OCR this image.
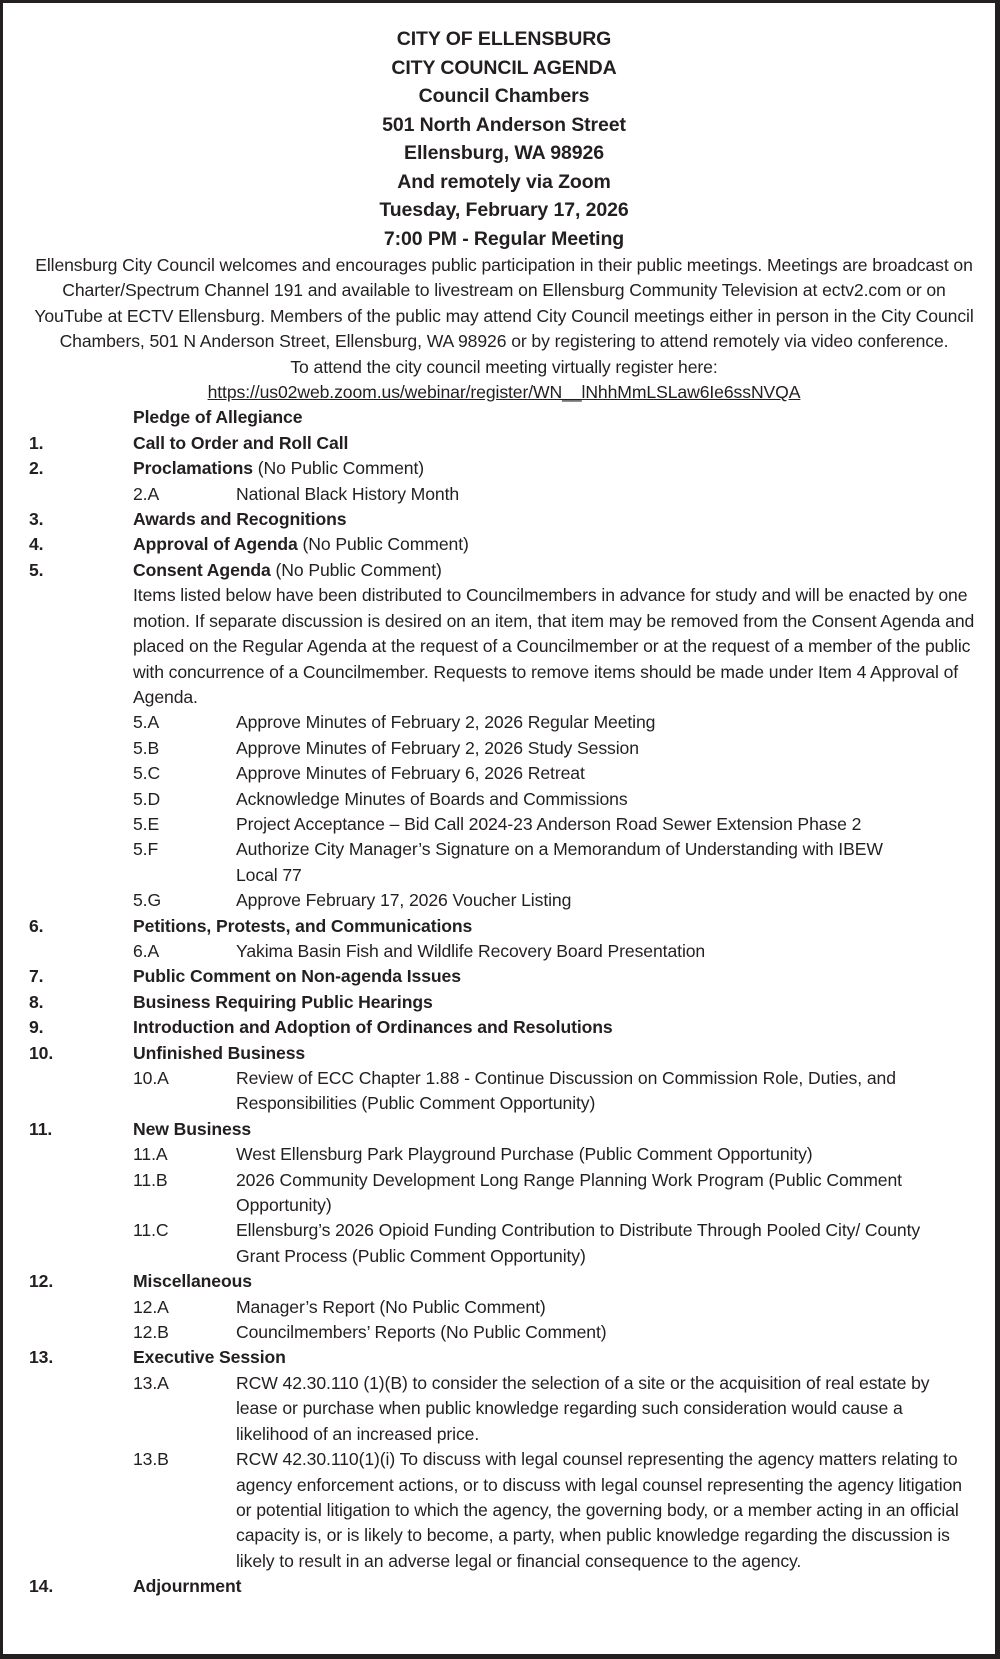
CITY OF ELLENSBURG
CITY COUNCIL AGENDA
Council Chambers
501 North Anderson Street
Ellensburg, WA 98926
And remotely via Zoom
Tuesday, February 17, 2026
7:00 PM - Regular Meeting
Ellensburg City Council welcomes and encourages public participation in their public meetings. Meetings are broadcast on Charter/Spectrum Channel 191 and available to livestream on Ellensburg Community Television at ectv2.com or on YouTube at ECTV Ellensburg. Members of the public may attend City Council meetings either in person in the City Council Chambers, 501 N Anderson Street, Ellensburg, WA 98926 or by registering to attend remotely via video conference.
To attend the city council meeting virtually register here:
https://us02web.zoom.us/webinar/register/WN__lNhhMmLSLaw6Ie6ssNVQA
Pledge of Allegiance
1.	Call to Order and Roll Call
2.	Proclamations (No Public Comment)
2.A	National Black History Month
3.	Awards and Recognitions
4.	Approval of Agenda (No Public Comment)
5.	Consent Agenda (No Public Comment)
Items listed below have been distributed to Councilmembers in advance for study and will be enacted by one motion. If separate discussion is desired on an item, that item may be removed from the Consent Agenda and placed on the Regular Agenda at the request of a Councilmember or at the request of a member of the public with concurrence of a Councilmember. Requests to remove items should be made under Item 4 Approval of Agenda.
5.A	Approve Minutes of February 2, 2026 Regular Meeting
5.B	Approve Minutes of February 2, 2026 Study Session
5.C	Approve Minutes of February 6, 2026 Retreat
5.D	Acknowledge Minutes of Boards and Commissions
5.E	Project Acceptance – Bid Call 2024-23 Anderson Road Sewer Extension Phase 2
5.F	Authorize City Manager’s Signature on a Memorandum of Understanding with IBEW Local 77
5.G	Approve February 17, 2026 Voucher Listing
6.	Petitions, Protests, and Communications
6.A	Yakima Basin Fish and Wildlife Recovery Board Presentation
7.	Public Comment on Non-agenda Issues
8.	Business Requiring Public Hearings
9.	Introduction and Adoption of Ordinances and Resolutions
10.	Unfinished Business
10.A	Review of ECC Chapter 1.88 - Continue Discussion on Commission Role, Duties, and Responsibilities (Public Comment Opportunity)
11.	New Business
11.A	West Ellensburg Park Playground Purchase (Public Comment Opportunity)
11.B	2026 Community Development Long Range Planning Work Program (Public Comment Opportunity)
11.C	Ellensburg’s 2026 Opioid Funding Contribution to Distribute Through Pooled City/ County Grant Process (Public Comment Opportunity)
12.	Miscellaneous
12.A	Manager’s Report (No Public Comment)
12.B	Councilmembers’ Reports (No Public Comment)
13.	Executive Session
13.A	RCW 42.30.110 (1)(B) to consider the selection of a site or the acquisition of real estate by lease or purchase when public knowledge regarding such consideration would cause a likelihood of an increased price.
13.B	RCW 42.30.110(1)(i) To discuss with legal counsel representing the agency matters relating to agency enforcement actions, or to discuss with legal counsel representing the agency litigation or potential litigation to which the agency, the governing body, or a member acting in an official capacity is, or is likely to become, a party, when public knowledge regarding the discussion is likely to result in an adverse legal or financial consequence to the agency.
14.	Adjournment
